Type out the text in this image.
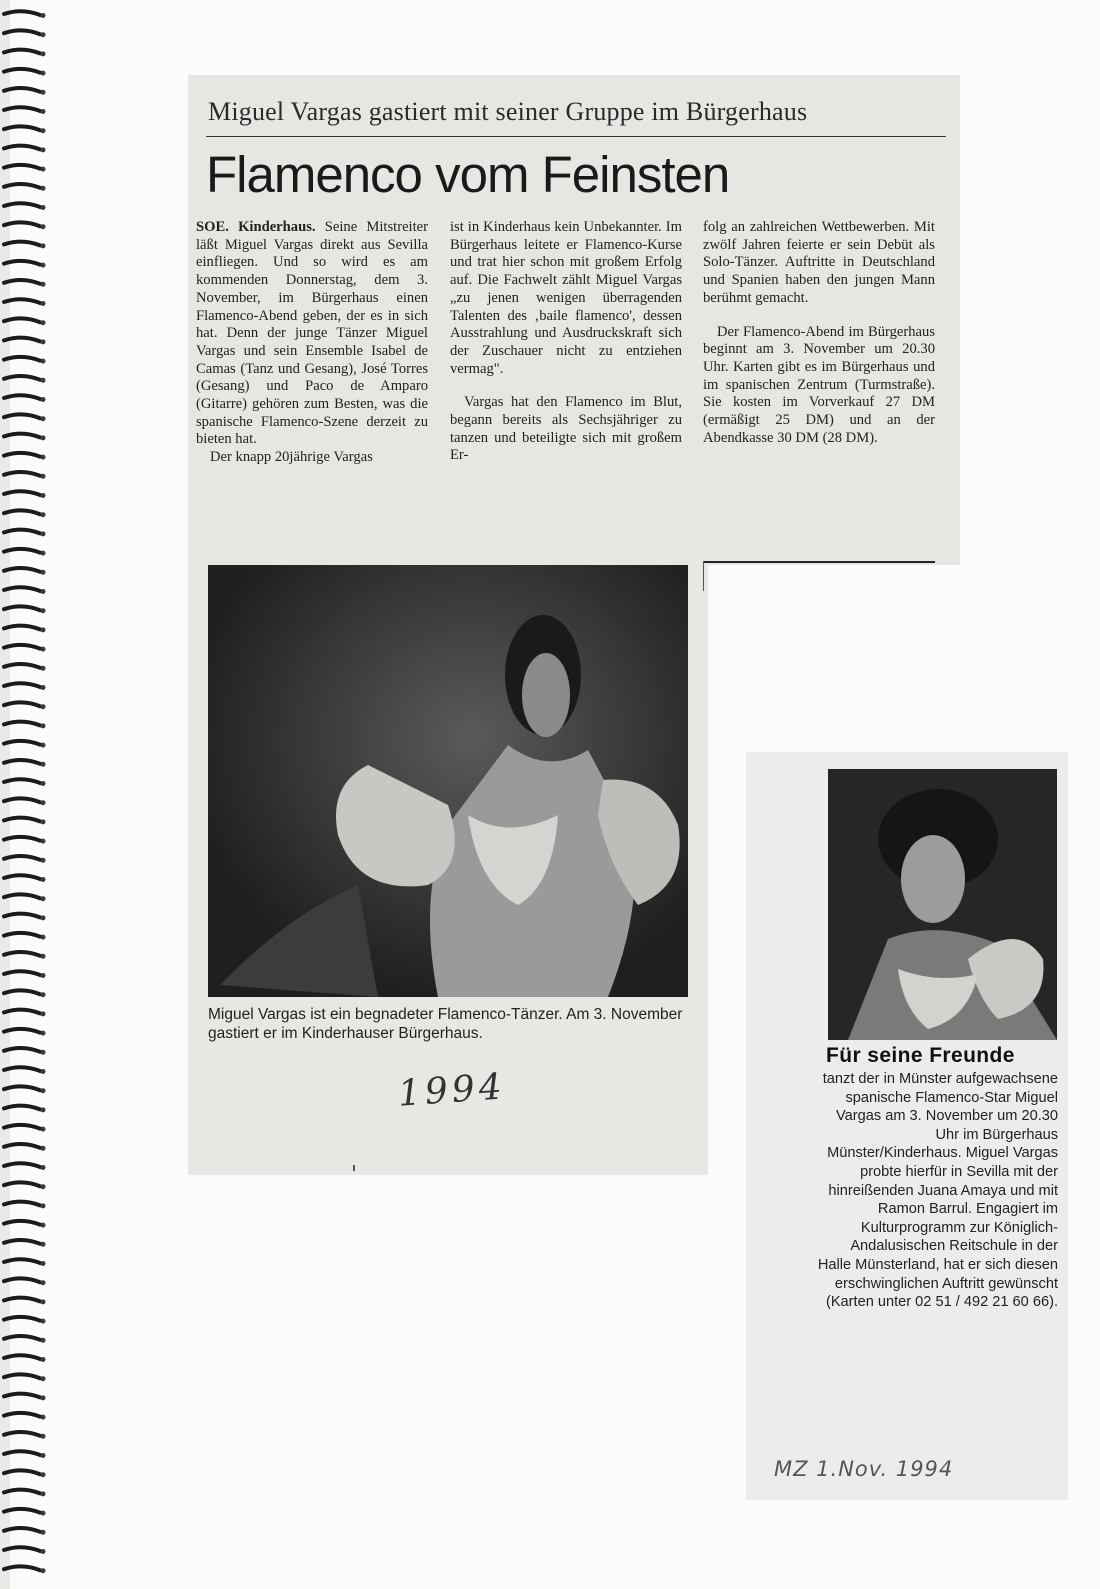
Miguel Vargas gastiert mit seiner Gruppe im Bürgerhaus
Flamenco vom Feinsten

SOE. Kinderhaus. Seine Mitstreiter läßt Miguel Vargas direkt aus Sevilla einfliegen. Und so wird es am kommenden Donnerstag, dem 3. November, im Bürgerhaus einen Flamenco-Abend geben, der es in sich hat. Denn der junge Tänzer Miguel Vargas und sein Ensemble Isabel de Camas (Tanz und Gesang), José Torres (Gesang) und Paco de Amparo (Gitarre) gehören zum Besten, was die spanische Flamenco-Szene derzeit zu bieten hat.

Der knapp 20jährige Vargas

ist in Kinderhaus kein Unbekannter. Im Bürgerhaus leitete er Flamenco-Kurse und trat hier schon mit großem Erfolg auf. Die Fachwelt zählt Miguel Vargas „zu jenen wenigen überragenden Talenten des ‚baile flamenco', dessen Ausstrahlung und Ausdruckskraft sich der Zuschauer nicht zu entziehen vermag".

Vargas hat den Flamenco im Blut, begann bereits als Sechsjähriger zu tanzen und beteiligte sich mit großem Er-

folg an zahlreichen Wettbewerben. Mit zwölf Jahren feierte er sein Debüt als Solo-Tänzer. Auftritte in Deutschland und Spanien haben den jungen Mann berühmt gemacht.

Der Flamenco-Abend im Bürgerhaus beginnt am 3. November um 20.30 Uhr. Karten gibt es im Bürgerhaus und im spanischen Zentrum (Turmstraße). Sie kosten im Vorverkauf 27 DM (ermäßigt 25 DM) und an der Abendkasse 30 DM (28 DM).

Miguel Vargas ist ein begnadeter Flamenco-Tänzer. Am 3. November gastiert er im Kinderhauser Bürgerhaus.
1994
Für seine Freunde
tanzt der in Münster aufgewachsene spanische Flamenco-Star Miguel Vargas am 3. November um 20.30 Uhr im Bürgerhaus Münster/Kinderhaus. Miguel Vargas probte hierfür in Sevilla mit der hinreißenden Juana Amaya und mit Ramon Barrul. Engagiert im Kulturprogramm zur Königlich-Andalusischen Reitschule in der Halle Münsterland, hat er sich diesen erschwinglichen Auftritt gewünscht (Karten unter 02 51 / 492 21 60 66).
MZ 1.Nov. 1994
